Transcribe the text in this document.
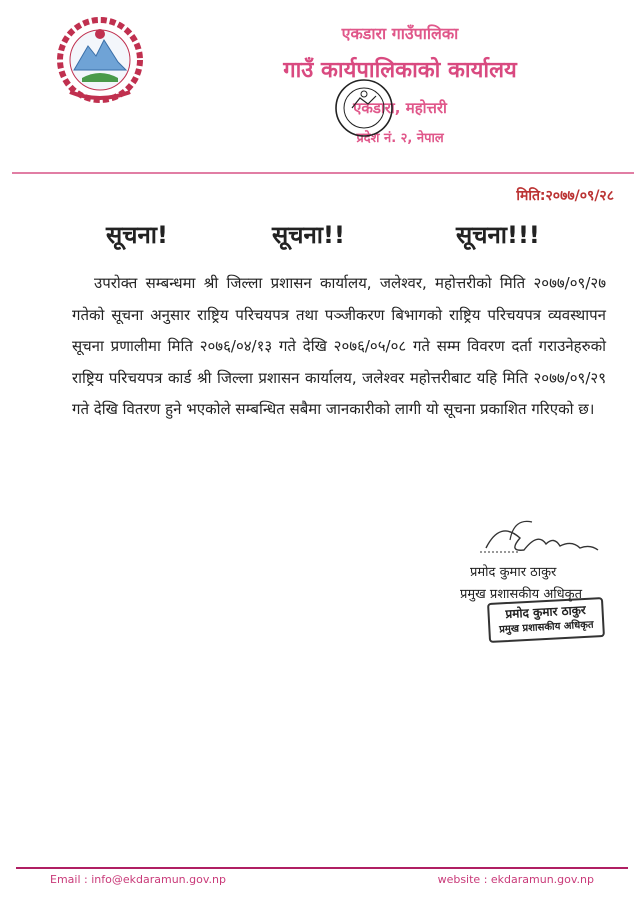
एकडारा गाउँपालिका
गाउँ कार्यपालिकाको कार्यालय
एकडारा, महोत्तरी
प्रदेश नं. २, नेपाल
मिति:२०७७/०९/२८
सूचना!	सूचना!!	सूचना!!!
उपरोक्त सम्बन्धमा श्री जिल्ला प्रशासन कार्यालय, जलेश्वर, महोत्तरीको मिति २०७७/०९/२७ गतेको सूचना अनुसार राष्ट्रिय परिचयपत्र तथा पञ्जीकरण बिभागको राष्ट्रिय परिचयपत्र व्यवस्थापन सूचना प्रणालीमा मिति २०७६/०४/१३ गते देखि २०७६/०५/०८ गते सम्म विवरण दर्ता गराउनेहरुको राष्ट्रिय परिचयपत्र कार्ड श्री जिल्ला प्रशासन कार्यालय, जलेश्वर महोत्तरीबाट यहि मिति २०७७/०९/२९ गते देखि वितरण हुने भएकोले सम्बन्धित सबैमा जानकारीको लागी यो सूचना प्रकाशित गरिएको छ।
प्रमोद कुमार ठाकुर
प्रमुख प्रशासकीय अधिकृत
प्रमोद कुमार ठाकुर
प्रमुख प्रशासकीय अधिकृत
Email : info@ekdaramun.gov.np	website : ekdaramun.gov.np
